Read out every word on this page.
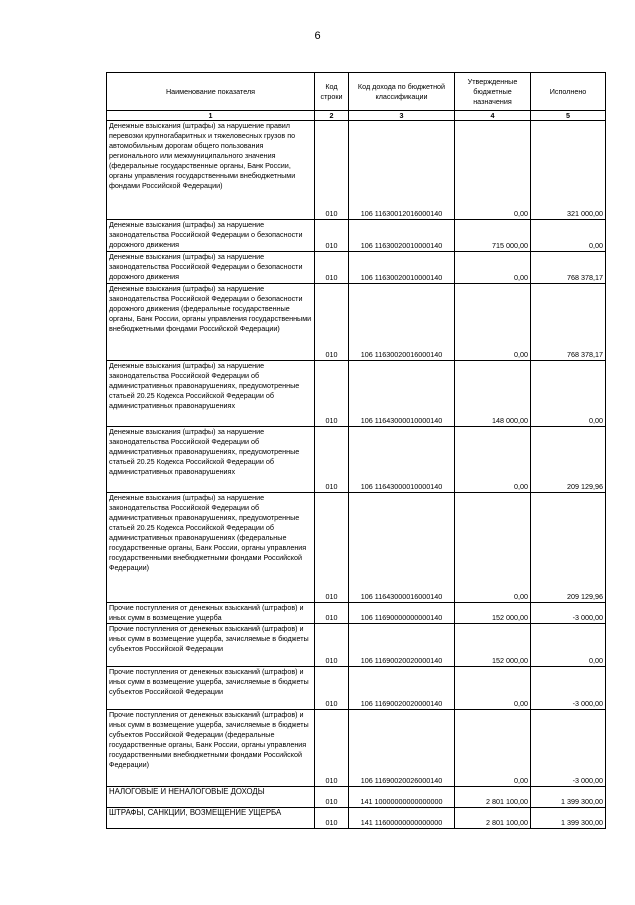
6
Наименование показателя	Код строки	Код дохода по бюджетной классификации	Утвержденные бюджетные назначения	Исполнено
1	2	3	4	5
Денежные взыскания (штрафы) за нарушение правил перевозки крупногабаритных и тяжеловесных грузов по автомобильным дорогам общего пользования регионального или межмуниципального значения (федеральные государственные органы, Банк России, органы управления государственными внебюджетными фондами Российской Федерации)	010	106 11630012016000140	0,00	321 000,00
Денежные взыскания (штрафы) за нарушение законодательства Российской Федерации о безопасности дорожного движения	010	106 11630020010000140	715 000,00	0,00
Денежные взыскания (штрафы) за нарушение законодательства Российской Федерации о безопасности дорожного движения	010	106 11630020010000140	0,00	768 378,17
Денежные взыскания (штрафы) за нарушение законодательства Российской Федерации о безопасности дорожного движения (федеральные государственные органы, Банк России, органы управления государственными внебюджетными фондами Российской Федерации)	010	106 11630020016000140	0,00	768 378,17
Денежные взыскания (штрафы) за нарушение законодательства Российской Федерации об административных правонарушениях, предусмотренные статьей 20.25 Кодекса Российской Федерации об административных правонарушениях	010	106 11643000010000140	148 000,00	0,00
Денежные взыскания (штрафы) за нарушение законодательства Российской Федерации об административных правонарушениях, предусмотренные статьей 20.25 Кодекса Российской Федерации об административных правонарушениях	010	106 11643000010000140	0,00	209 129,96
Денежные взыскания (штрафы) за нарушение законодательства Российской Федерации об административных правонарушениях, предусмотренные статьей 20.25 Кодекса Российской Федерации об административных правонарушениях (федеральные государственные органы, Банк России, органы управления государственными внебюджетными фондами Российской Федерации)	010	106 11643000016000140	0,00	209 129,96
Прочие поступления от денежных взысканий (штрафов) и иных сумм в возмещение ущерба	010	106 11690000000000140	152 000,00	-3 000,00
Прочие поступления от денежных взысканий (штрафов) и иных сумм в возмещение ущерба, зачисляемые в бюджеты субъектов Российской Федерации	010	106 11690020020000140	152 000,00	0,00
Прочие поступления от денежных взысканий (штрафов) и иных сумм в возмещение ущерба, зачисляемые в бюджеты субъектов Российской Федерации	010	106 11690020020000140	0,00	-3 000,00
Прочие поступления от денежных взысканий (штрафов) и иных сумм в возмещение ущерба, зачисляемые в бюджеты субъектов Российской Федерации (федеральные государственные органы, Банк России, органы управления государственными внебюджетными фондами Российской Федерации)	010	106 11690020026000140	0,00	-3 000,00
НАЛОГОВЫЕ И НЕНАЛОГОВЫЕ ДОХОДЫ	010	141 10000000000000000	2 801 100,00	1 399 300,00
ШТРАФЫ, САНКЦИИ, ВОЗМЕЩЕНИЕ УЩЕРБА	010	141 11600000000000000	2 801 100,00	1 399 300,00
